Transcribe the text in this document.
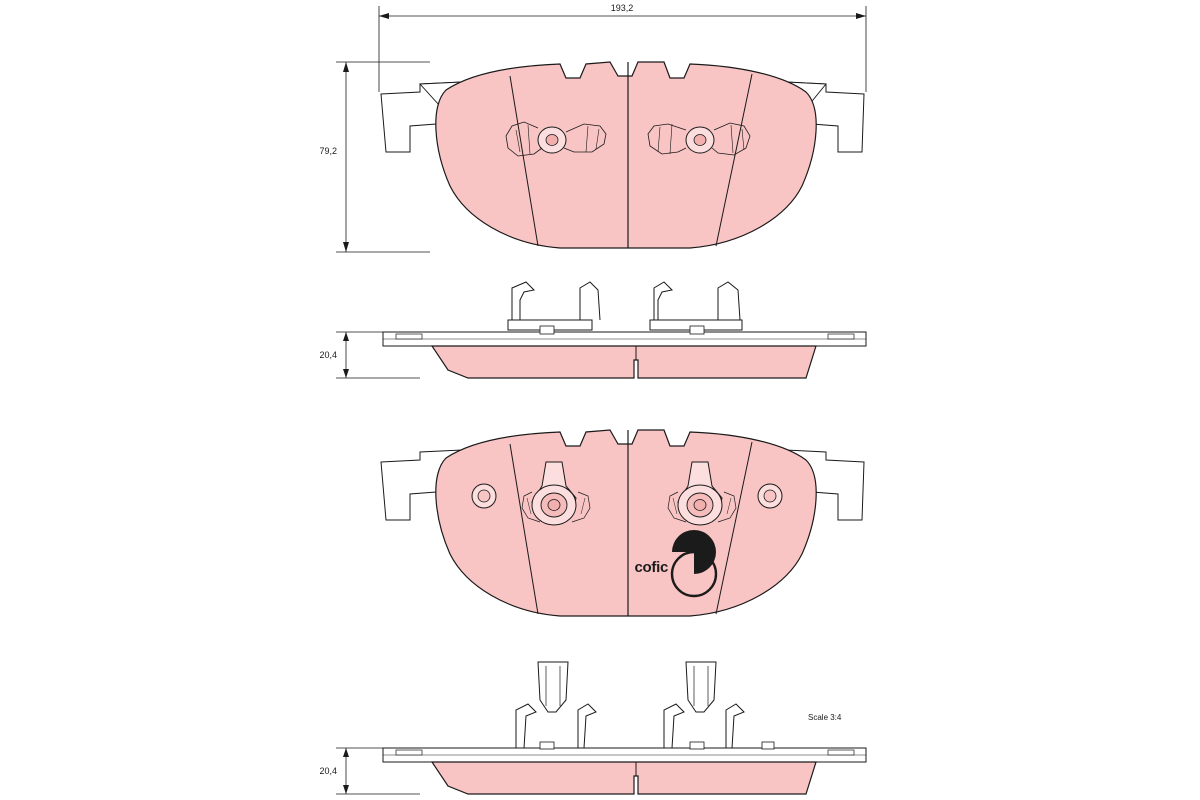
193,2
79,2
20,4
cofic
Scale 3:4
20,4
